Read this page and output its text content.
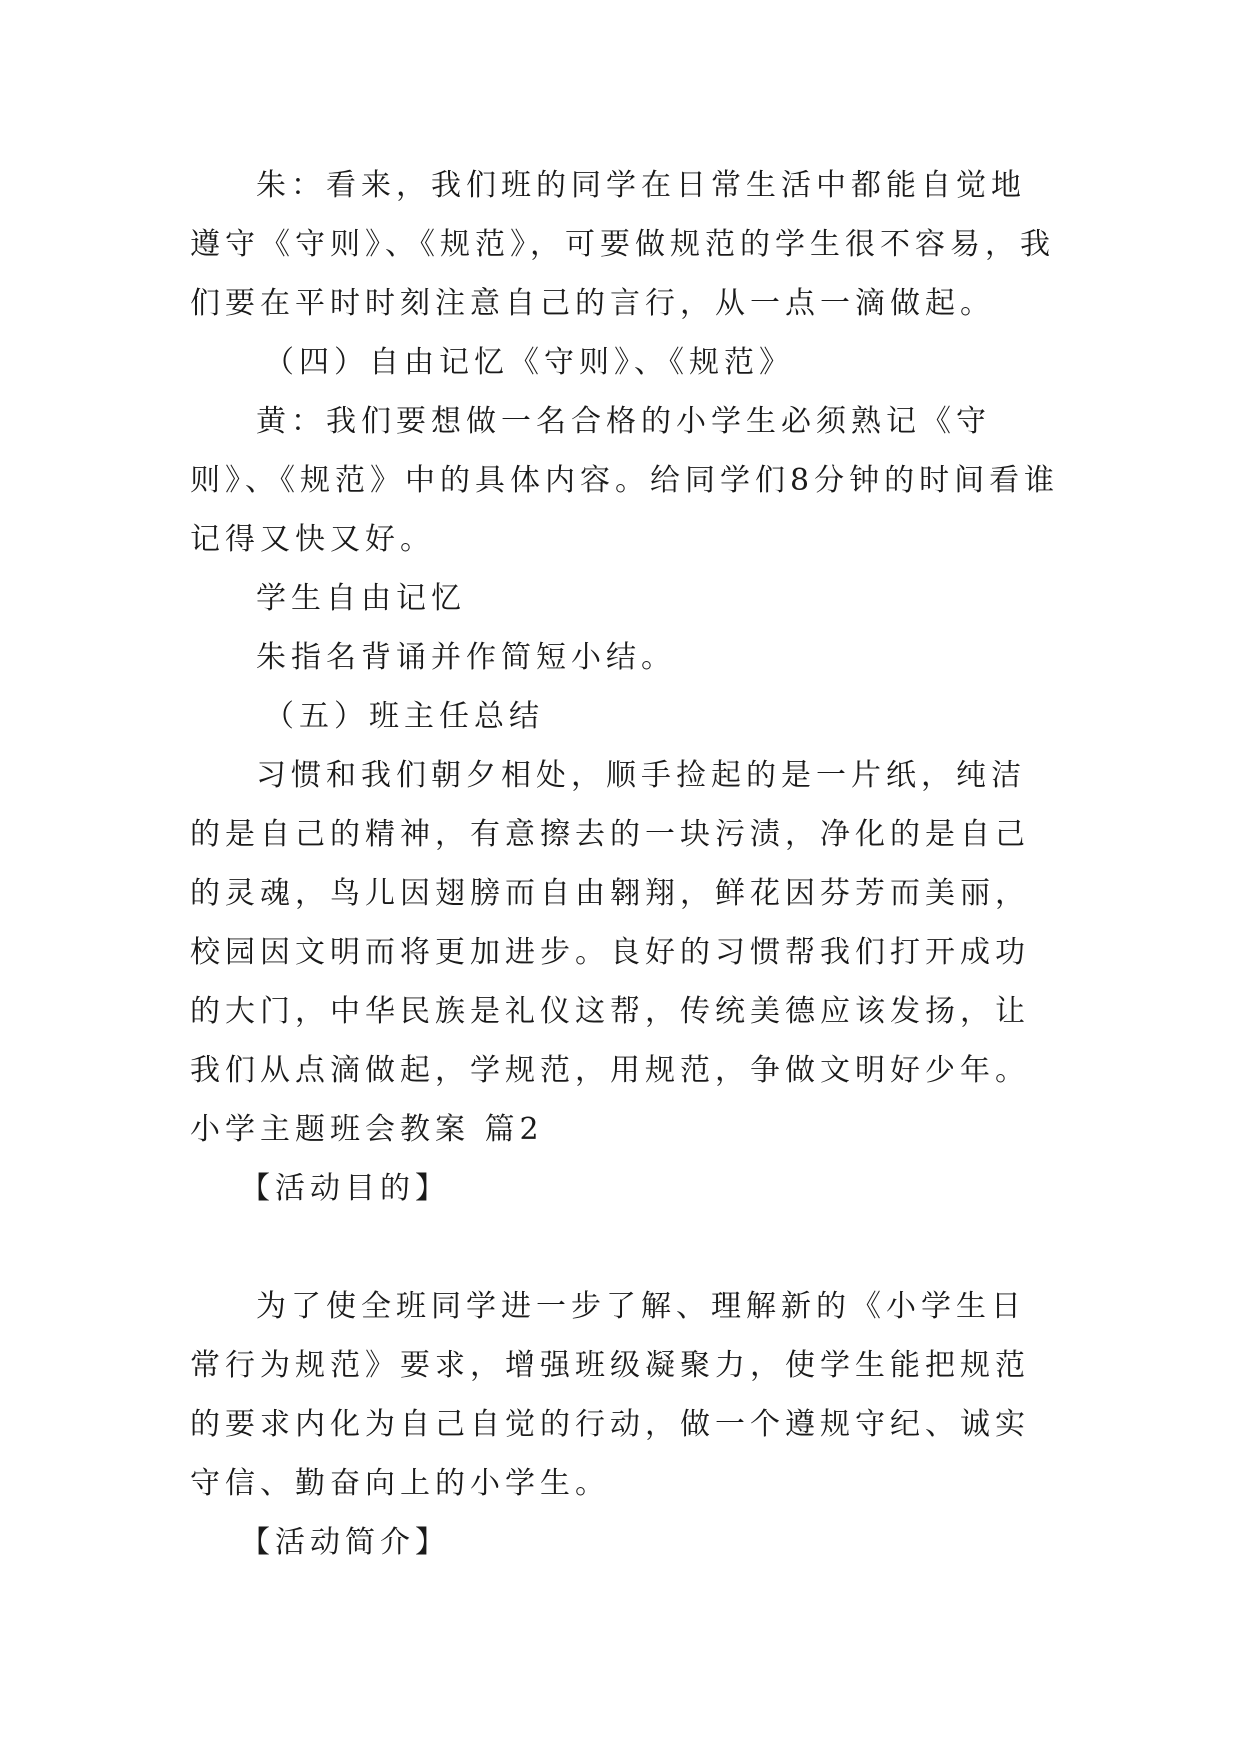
朱：看来，我们班的同学在日常生活中都能自觉地遵守《守则》、《规范》，可要做规范的学生很不容易，我们要在平时时刻注意自己的言行，从一点一滴做起。

（四）自由记忆《守则》、《规范》

黄：我们要想做一名合格的小学生必须熟记《守则》、《规范》中的具体内容。给同学们8分钟的时间看谁记得又快又好。

学生自由记忆

朱指名背诵并作简短小结。

（五）班主任总结

习惯和我们朝夕相处，顺手捡起的是一片纸，纯洁的是自己的精神，有意擦去的一块污渍，净化的是自己的灵魂，鸟儿因翅膀而自由翱翔，鲜花因芬芳而美丽，校园因文明而将更加进步。良好的习惯帮我们打开成功的大门，中华民族是礼仪这帮，传统美德应该发扬，让我们从点滴做起，学规范，用规范，争做文明好少年。

小学主题班会教案 篇2

【活动目的】

为了使全班同学进一步了解、理解新的《小学生日常行为规范》要求，增强班级凝聚力，使学生能把规范的要求内化为自己自觉的行动，做一个遵规守纪、诚实守信、勤奋向上的小学生。

【活动简介】
